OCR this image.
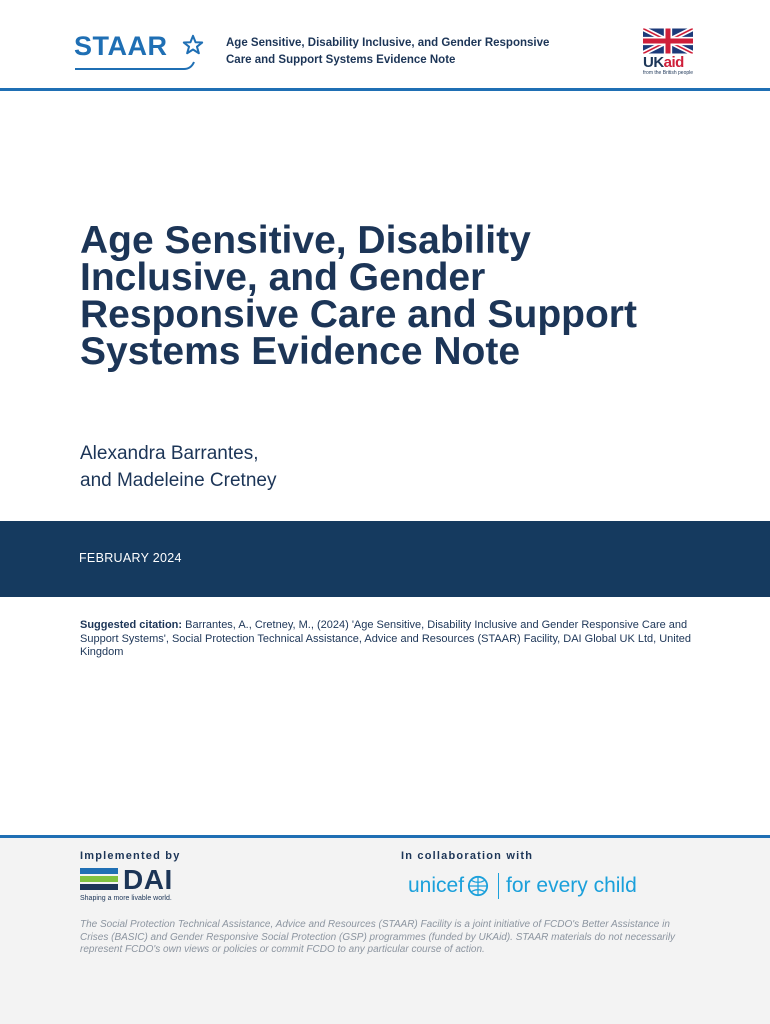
STAAR	Age Sensitive, Disability Inclusive, and Gender Responsive
Care and Support Systems Evidence Note	UKaid
from the British people
Age Sensitive, Disability Inclusive, and Gender Responsive Care and Support Systems Evidence Note
Alexandra Barrantes,
and Madeleine Cretney
FEBRUARY 2024
Suggested citation: Barrantes, A., Cretney, M., (2024) 'Age Sensitive, Disability Inclusive and Gender Responsive Care and Support Systems', Social Protection Technical Assistance, Advice and Resources (STAAR) Facility, DAI Global UK Ltd, United Kingdom
Implemented by	In collaboration with
DAI
Shaping a more livable world.
unicef for every child
The Social Protection Technical Assistance, Advice and Resources (STAAR) Facility is a joint initiative of FCDO's Better Assistance in Crises (BASIC) and Gender Responsive Social Protection (GSP) programmes (funded by UKAid). STAAR materials do not necessarily represent FCDO's own views or policies or commit FCDO to any particular course of action.
